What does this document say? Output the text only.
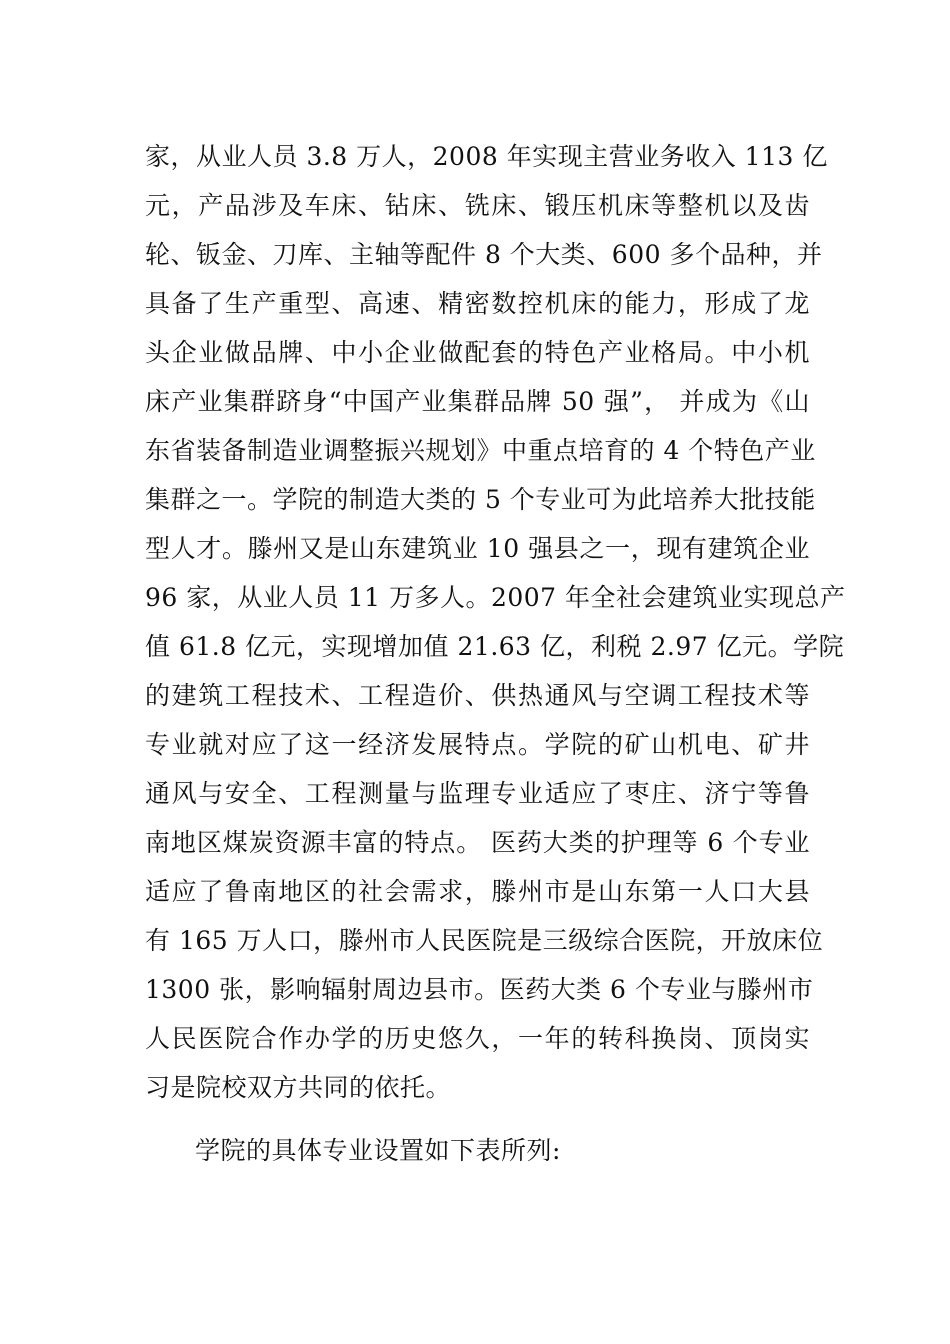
家，从业人员 3.8 万人，2008 年实现主营业务收入 113 亿
元，产品涉及车床、钻床、铣床、锻压机床等整机以及齿
轮、钣金、刀库、主轴等配件 8 个大类、600 多个品种，并
具备了生产重型、高速、精密数控机床的能力，形成了龙
头企业做品牌、中小企业做配套的特色产业格局。中小机
床产业集群跻身“中国产业集群品牌 50 强”， 并成为《山
东省装备制造业调整振兴规划》中重点培育的 4 个特色产业
集群之一。学院的制造大类的 5 个专业可为此培养大批技能
型人才。滕州又是山东建筑业 10 强县之一，现有建筑企业
96 家，从业人员 11 万多人。2007 年全社会建筑业实现总产
值 61.8 亿元，实现增加值 21.63 亿，利税 2.97 亿元。学院
的建筑工程技术、工程造价、供热通风与空调工程技术等
专业就对应了这一经济发展特点。学院的矿山机电、矿井
通风与安全、工程测量与监理专业适应了枣庄、济宁等鲁
南地区煤炭资源丰富的特点。 医药大类的护理等 6 个专业
适应了鲁南地区的社会需求，滕州市是山东第一人口大县
有 165 万人口，滕州市人民医院是三级综合医院，开放床位
1300 张，影响辐射周边县市。医药大类 6 个专业与滕州市
人民医院合作办学的历史悠久，一年的转科换岗、顶岗实
习是院校双方共同的依托。
学院的具体专业设置如下表所列:
